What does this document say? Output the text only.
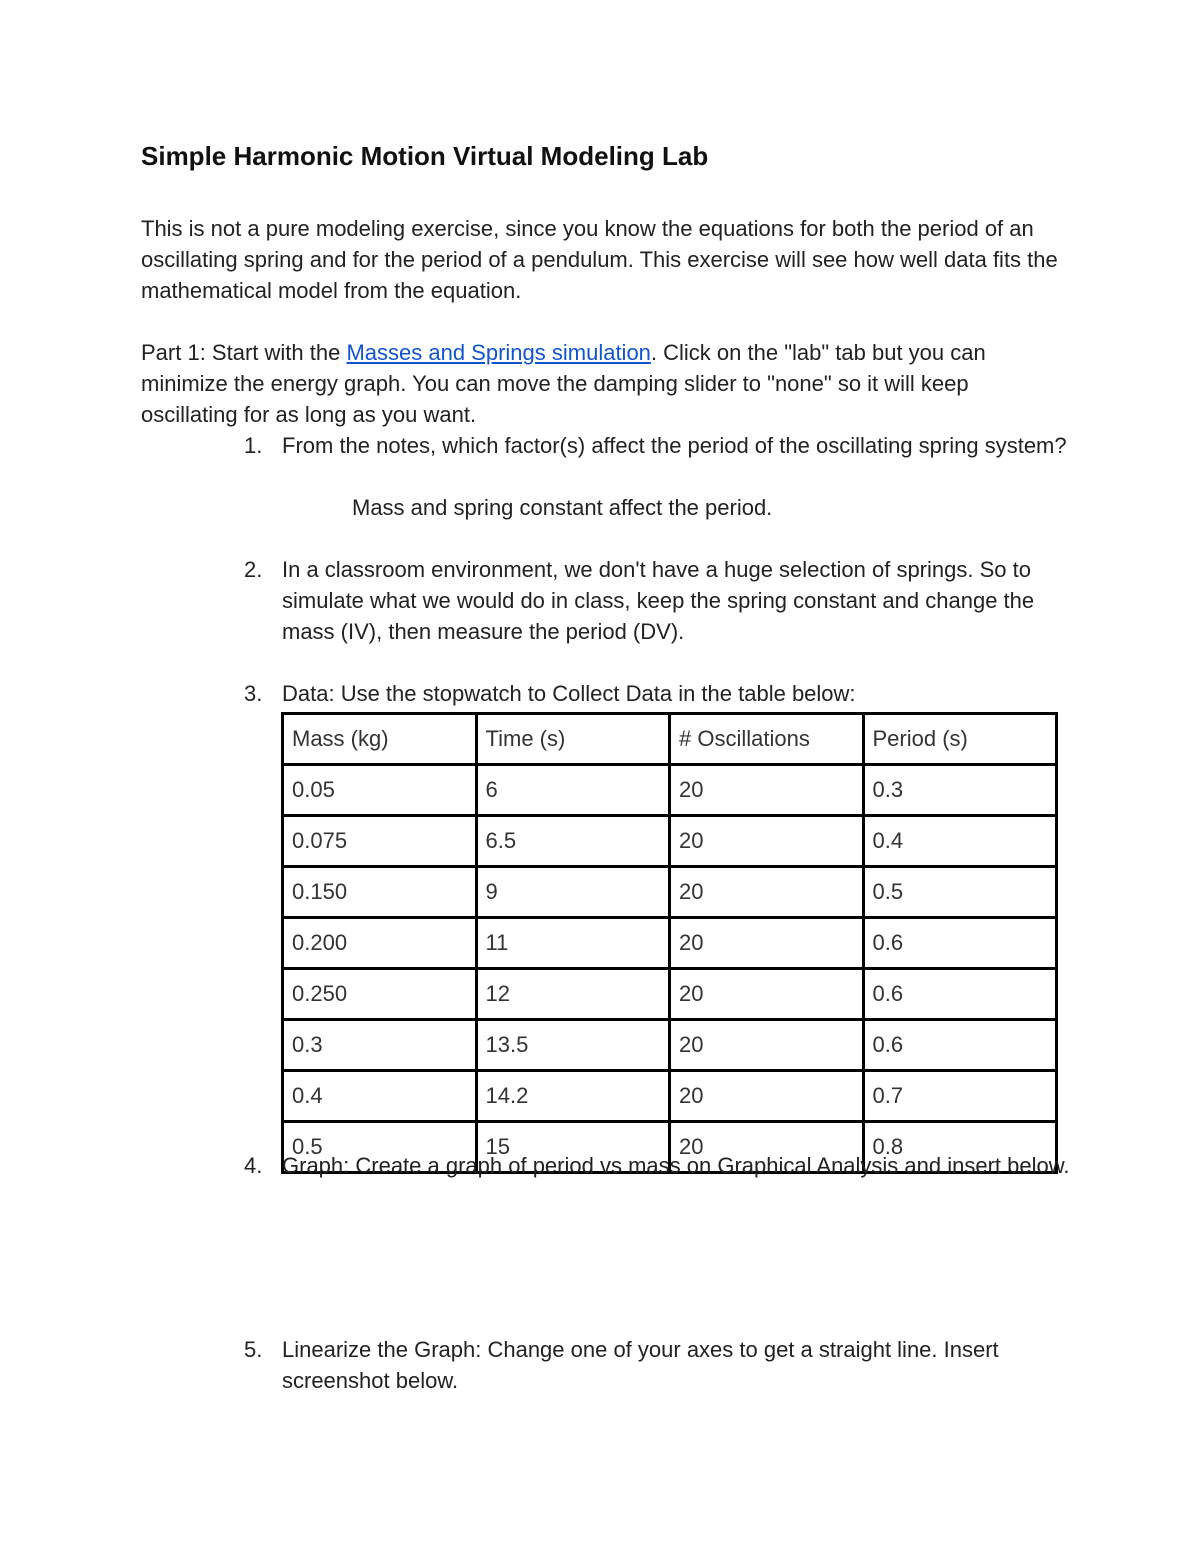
Simple Harmonic Motion Virtual Modeling Lab

This is not a pure modeling exercise, since you know the equations for both the period of an oscillating spring and for the period of a pendulum. This exercise will see how well data fits the mathematical model from the equation.

Part 1: Start with the Masses and Springs simulation. Click on the "lab" tab but you can minimize the energy graph. You can move the damping slider to "none" so it will keep oscillating for as long as you want.

1. From the notes, which factor(s) affect the period of the oscillating spring system?

Mass and spring constant affect the period.
2. In a classroom environment, we don't have a huge selection of springs. So to simulate what we would do in class, keep the spring constant and change the mass (IV), then measure the period (DV).

3. Data: Use the stopwatch to Collect Data in the table below:

Mass (kg)	Time (s)	# Oscillations	Period (s)
0.05	6	20	0.3
0.075	6.5	20	0.4
0.150	9	20	0.5
0.200	11	20	0.6
0.250	12	20	0.6
0.3	13.5	20	0.6
0.4	14.2	20	0.7
0.5	15	20	0.8
4. Graph: Create a graph of period vs mass on Graphical Analysis and insert below.

5. Linearize the Graph: Change one of your axes to get a straight line. Insert screenshot below.
